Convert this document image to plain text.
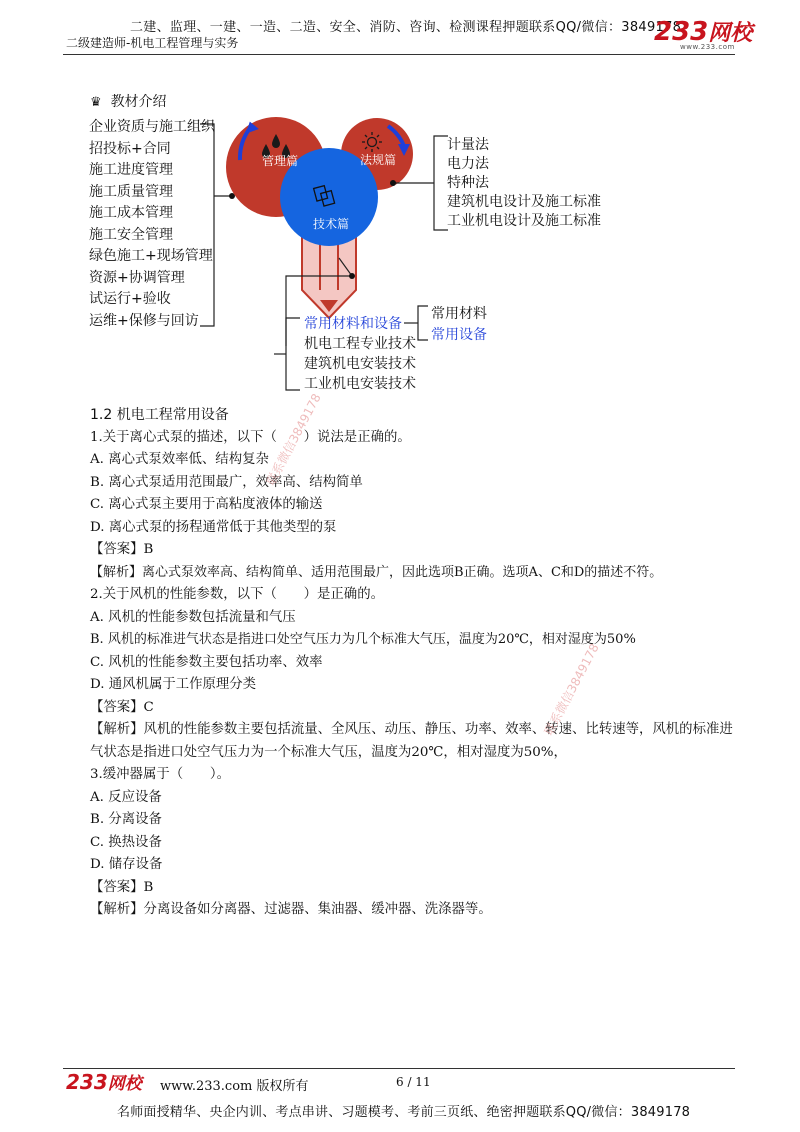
二建、监理、一建、一造、二造、安全、消防、咨询、检测课程押题联系QQ/微信：3849178
二级建造师-机电工程管理与实务	233网校
www.233.com
♛ 教材介绍
管理篇	法规篇
技术篇
企业资质与施工组织
招投标+合同
施工进度管理
施工质量管理
施工成本管理
施工安全管理
绿色施工+现场管理
资源+协调管理
试运行+验收
运维+保修与回访
计量法
电力法
特种法
建筑机电设计及施工标准
工业机电设计及施工标准
常用材料和设备
机电工程专业技术
建筑机电安装技术
工业机电安装技术
常用材料
常用设备
1.2 机电工程常用设备
1.关于离心式泵的描述，以下（　　）说法是正确的。
A. 离心式泵效率低、结构复杂
B. 离心式泵适用范围最广，效率高、结构简单
C. 离心式泵主要用于高粘度液体的输送
D. 离心式泵的扬程通常低于其他类型的泵
【答案】B
【解析】离心式泵效率高、结构简单、适用范围最广，因此选项B正确。选项A、C和D的描述不符。
2.关于风机的性能参数，以下（　　）是正确的。
A. 风机的性能参数包括流量和气压
B. 风机的标准进气状态是指进口处空气压力为几个标准大气压，温度为20℃，相对湿度为50%
C. 风机的性能参数主要包括功率、效率
D. 通风机属于工作原理分类
【答案】C
【解析】风机的性能参数主要包括流量、全风压、动压、静压、功率、效率、转速、比转速等，风机的标准进气状态是指进口处空气压力为一个标准大气压，温度为20℃，相对湿度为50%，
3.缓冲器属于（　　）。
A. 反应设备
B. 分离设备
C. 换热设备
D. 储存设备
【答案】B
【解析】分离设备如分离器、过滤器、集油器、缓冲器、洗涤器等。
联系微信3849178
联系微信3849178
233网校 www.233.com 版权所有	6 / 11
名师面授精华、央企内训、考点串讲、习题模考、考前三页纸、绝密押题联系QQ/微信：3849178
